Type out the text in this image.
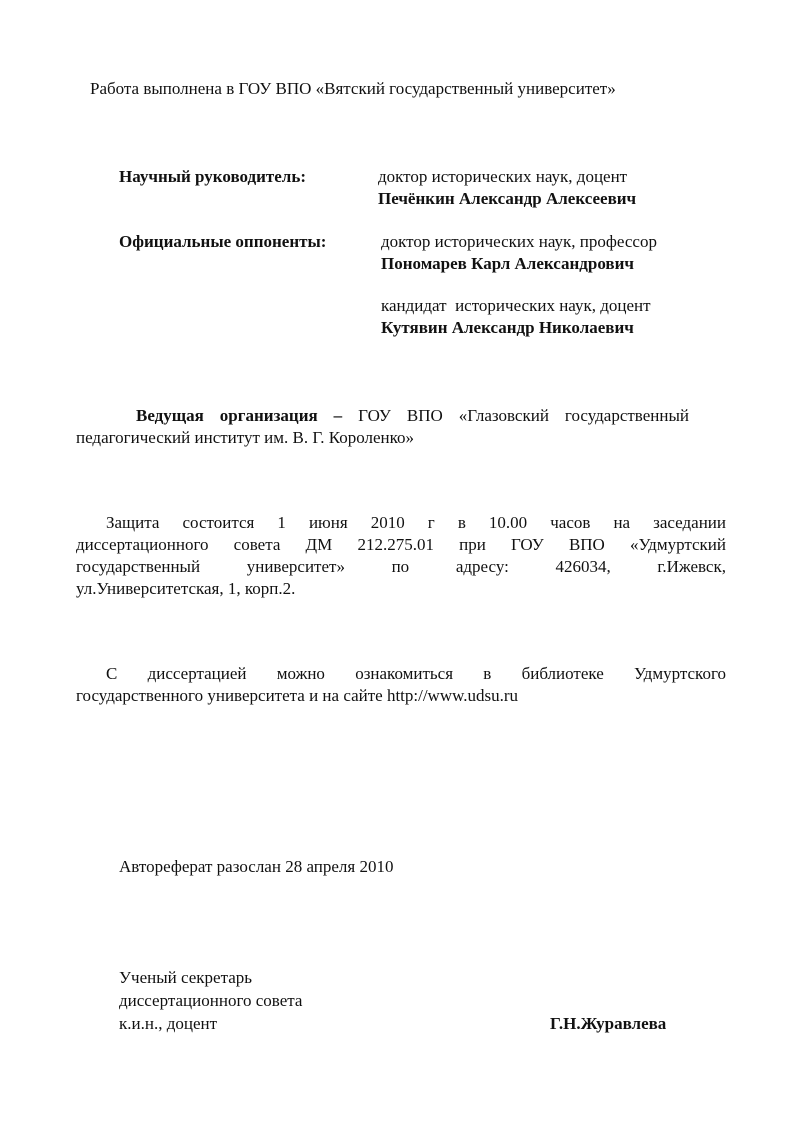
Работа выполнена в ГОУ ВПО «Вятский государственный университет»
Научный руководитель:	доктор исторических наук, доцент
Печёнкин Александр Алексеевич
Официальные оппоненты:	доктор исторических наук, профессор
Пономарев Карл Александрович
кандидат  исторических наук, доцент
Кутявин Александр Николаевич
Ведущая организация – ГОУ ВПО «Глазовский государственный
педагогический институт им. В. Г. Короленко»
Защита состоится 1 июня 2010 г в 10.00 часов на заседании
диссертационного совета ДМ 212.275.01 при ГОУ ВПО «Удмуртский
государственный университет» по адресу: 426034, г.Ижевск,
ул.Университетская, 1, корп.2.
С диссертацией можно ознакомиться в библиотеке Удмуртского
государственного университета и на сайте http://www.udsu.ru
Автореферат разослан 28 апреля 2010
Ученый секретарь
диссертационного совета
к.и.н., доцент	Г.Н.Журавлева
